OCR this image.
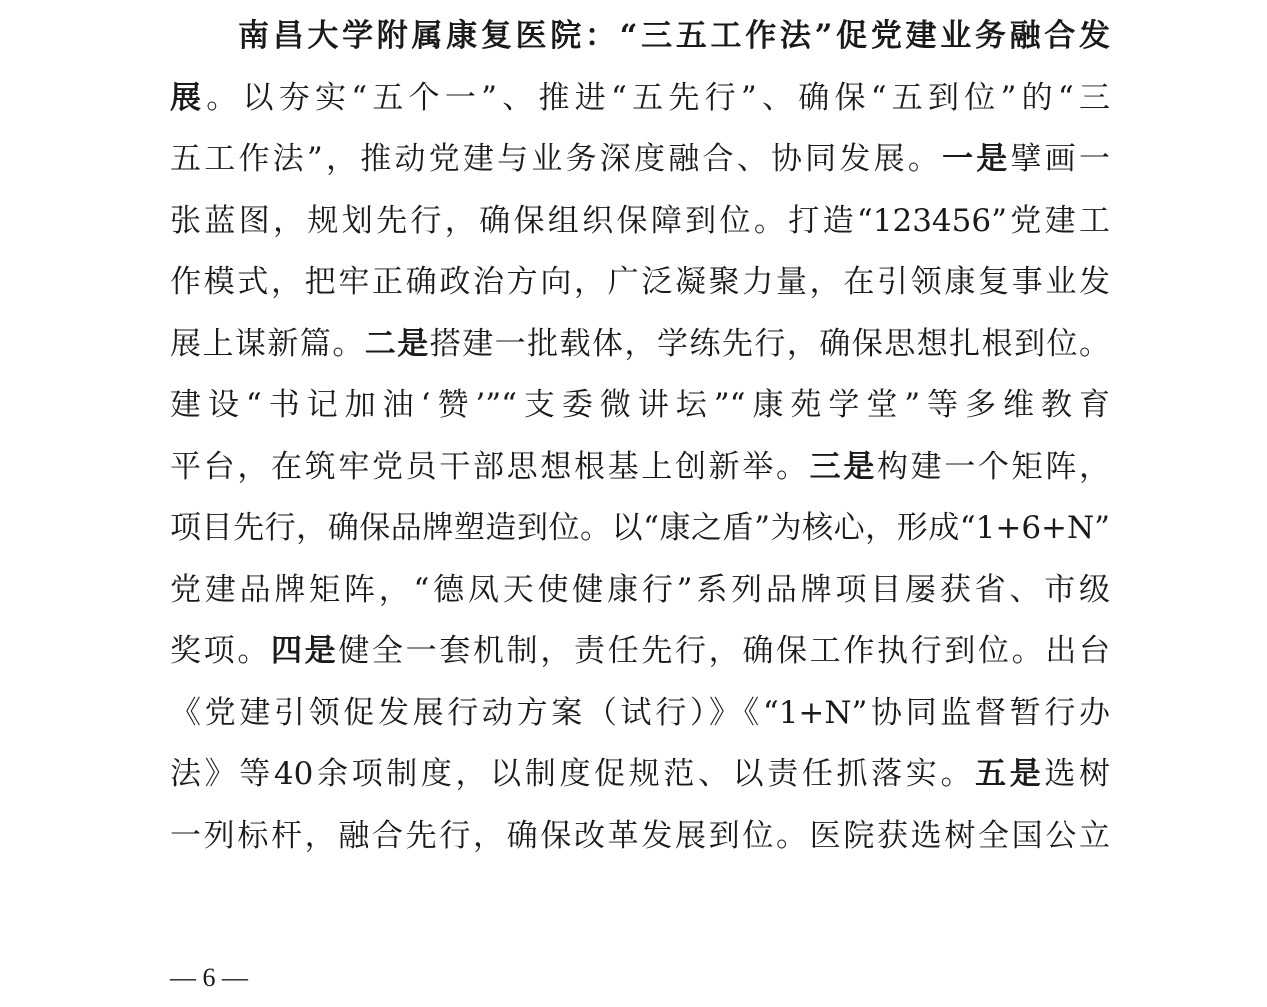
南昌大学附属康复医院：“三五工作法”促党建业务融合发
展。以夯实“五个一”、推进“五先行”、确保“五到位”的“三
五工作法”，推动党建与业务深度融合、协同发展。一是擘画一
张蓝图，规划先行，确保组织保障到位。打造“123456”党建工
作模式，把牢正确政治方向，广泛凝聚力量，在引领康复事业发
展上谋新篇。二是搭建一批载体，学练先行，确保思想扎根到位。
建设“书记加油‘赞’”“支委微讲坛”“康苑学堂”等多维教育
平台，在筑牢党员干部思想根基上创新举。三是构建一个矩阵，
项目先行，确保品牌塑造到位。以“康之盾”为核心，形成“1+6+N”
党建品牌矩阵，“德凤天使健康行”系列品牌项目屡获省、市级
奖项。四是健全一套机制，责任先行，确保工作执行到位。出台
《党建引领促发展行动方案（试行）》《“1+N”协同监督暂行办
法》等40余项制度，以制度促规范、以责任抓落实。五是选树
一列标杆，融合先行，确保改革发展到位。医院获选树全国公立
— 6 —
